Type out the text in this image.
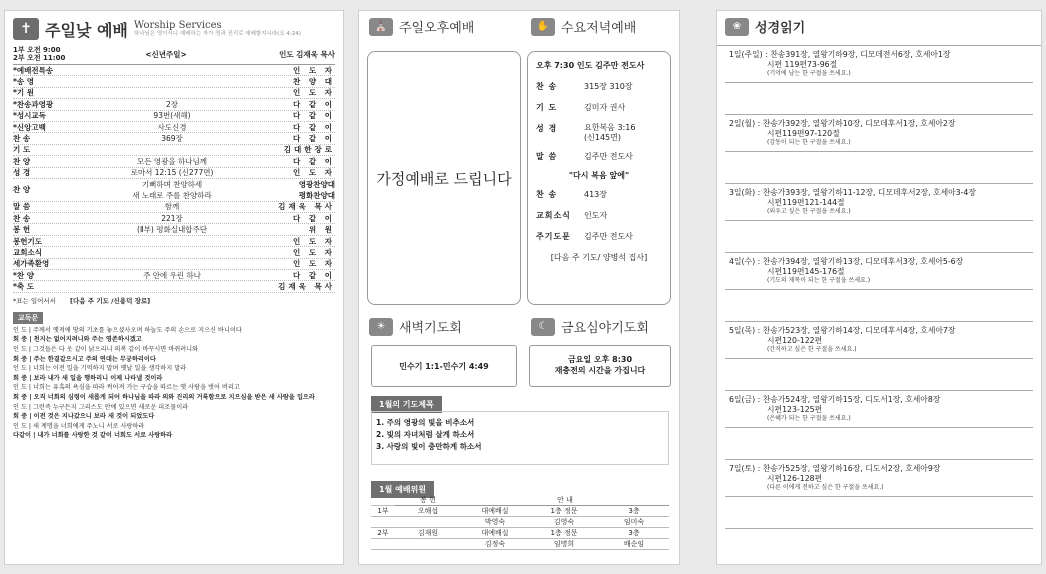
✝ 주일낮 예배 Worship Services
하나님은 영이시니 예배하는 자가 영과 진리로 예배할지니라(요 4:24)
1부 오전 9:00
2부 오전 11:00	<신년주일>	인도 김재욱 목사
*예배전특송	인 도 자
*송 영	찬 양 대
*기 원	인 도 자
*찬송과영광	2장	다 같 이
*성시교독	93번(새해)	다 같 이
*신앙고백	사도신경	다 같 이
찬 송	369장	다 같 이
기 도	김대한장로
찬 양	모든 영광을 하나님께	다 같 이
성 경	로마서 12:15 (신277면)	인 도 자
찬 양
기뻐하며 찬양하세
새 노래로 주를 찬양하라
영광찬양대
평화찬양대
말 씀	함께	김재욱 목사
찬 송	221장	다 같 이
봉 헌	(Ⅱ부) 평화실내합주단	위 원
봉헌기도	인 도 자
교회소식	인 도 자
세가족환영	인 도 자
*찬 양	주 안에 우린 하나	다 같 이
*축 도	김재욱 목사
*표는 일어서서 [다음 주 기도 /신용덕 장로]
교독문
인 도 | 주께서 옛적에 땅의 기초를 놓으셨사오며 하늘도 주의 손으로 지으신 바니이다
회 중 | 천지는 없어지려니와 주는 영존하시겠고
인 도 | 그것들은 다 옷 같이 낡으리니 의복 같이 바꾸시면 바뀌려니와
회 중 | 주는 한결같으시고 주의 연대는 무궁하리이다
인 도 | 너희는 이전 일을 기억하지 말며 옛날 일을 생각하지 말라
회 중 | 보라 내가 새 일을 행하리니 이제 나타낼 것이라
인 도 | 너희는 유혹의 욕심을 따라 썩어져 가는 구습을 따르는 옛 사람을 벗어 버리고
회 중 | 오직 너희의 심령이 새롭게 되어 하나님을 따라 의와 진리의 거룩함으로 지으심을 받은 새 사람을 입으라
인 도 | 그런즉 누구든지 그리스도 안에 있으면 새로운 피조물이라
회 중 | 이전 것은 지나갔으니 보라 새 것이 되었도다
인 도 | 새 계명을 너희에게 주노니 서로 사랑하라
다같이 | 내가 너희를 사랑한 것 같이 너희도 서로 사랑하라
⛪ 주일오후예배	✋ 수요저녁예배
가정예배로 드립니다
오후 7:30 인도 김주만 전도사
찬 송	315장 310장
기 도	김미자 권사
성 경	요한복음 3:16
(신145면)
말 씀	김주만 전도사
"다시 복음 앞에"
찬 송	413장
교회소식	인도자
주기도문	김주만 전도사
[다음 주 기도/ 양병석 집사]
☀	새벽기도회	☾	금요심야기도회
민수기 1:1-민수기 4:49
금요일 오후 8:30
재충전의 시간을 가집니다
1월의 기도제목
1. 주의 영광의 빛을 비추소서
2. 빛의 자녀처럼 살게 하소서
3. 사랑의 빛이 충만하게 하소서
1월 예배위원
	봉 헌	안 내		
1부	오해섭	대예배실	1층 정문	3층
		박영숙	김영숙	임미숙
2부	김재원	대예배실	1층 정문	3층
		김정숙	임명희	배순임
❀	성경읽기
1일(주일) : 찬송391장, 열왕기하9장, 디모데전서6장, 호세아1장
시편 119편73-96절
(기억에 남는 한 구절을 쓰세요.)
2일(월) : 찬송가392장, 열왕기하10장, 디모데후서1장, 호세아2장
시편119편97-120절
(감동이 되는 한 구절을 쓰세요.)
3일(화) : 찬송가393장, 열왕기하11-12장, 디모데후서2장, 호세아3-4장
시편119편121-144절
(외우고 싶은 한 구절을 쓰세요.)
4일(수) : 찬송가394장, 열왕기하13장, 디모데후서3장, 호세아5-6장
시편119편145-176절
(기도의 제목이 되는 한 구절을 쓰세요.)
5일(목) : 찬송가523장, 열왕기하14장, 디모데후서4장, 호세아7장
시편120-122편
(간직하고 싶은 한 구절을 쓰세요.)
6일(금) : 찬송가524장, 열왕기하15장, 디도서1장, 호세아8장
시편123-125편
(은혜가 되는 한 구절을 쓰세요.)
7일(토) : 찬송가525장, 열왕기하16장, 디도서2장, 호세아9장
시편126-128편
(다른 이에게 전하고 싶은 한 구절을 쓰세요.)
